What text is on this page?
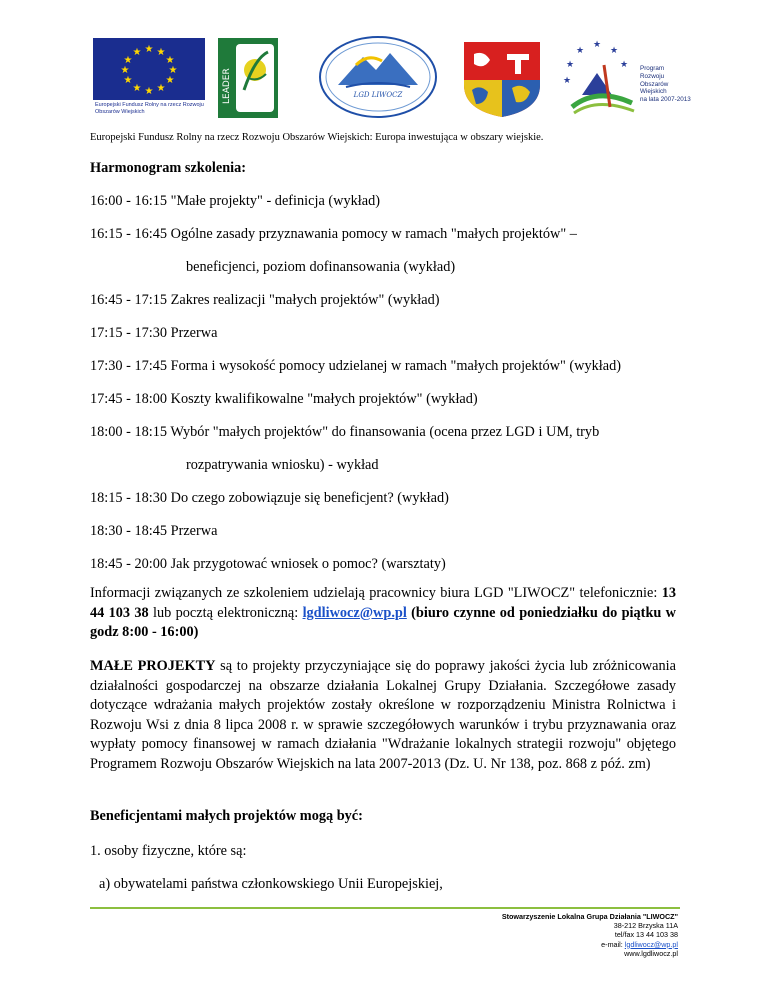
★ ★
★
★
★
★
★
★
★
★
★
★
Europejski Fundusz Rolny na rzecz Rozwoju Obszarów Wiejskich
LEADER	LGD LIWOCZ
★
★
★
★
★
★
Program
Rozwoju
Obszarów
Wiejskich
na lata 2007-2013
Europejski Fundusz Rolny na rzecz Rozwoju Obszarów Wiejskich: Europa inwestująca w obszary wiejskie.
Harmonogram szkolenia:
16:00 - 16:15 "Małe projekty" - definicja (wykład)
16:15 - 16:45 Ogólne zasady przyznawania pomocy w ramach "małych projektów" –
beneficjenci, poziom dofinansowania (wykład)
16:45 - 17:15 Zakres realizacji "małych projektów" (wykład)
17:15 - 17:30 Przerwa
17:30 - 17:45 Forma i wysokość pomocy udzielanej w ramach "małych projektów" (wykład)
17:45 - 18:00 Koszty kwalifikowalne "małych projektów" (wykład)
18:00 - 18:15 Wybór "małych projektów" do finansowania (ocena przez LGD i UM, tryb
rozpatrywania wniosku) - wykład
18:15 - 18:30 Do czego zobowiązuje się beneficjent? (wykład)
18:30 - 18:45 Przerwa
18:45 - 20:00 Jak przygotować wniosek o pomoc? (warsztaty)
Informacji związanych ze szkoleniem udzielają pracownicy biura LGD "LIWOCZ" telefonicznie: 13 44 103 38 lub pocztą elektroniczną: lgdliwocz@wp.pl (biuro czynne od poniedziałku do piątku w godz 8:00 - 16:00)
MAŁE PROJEKTY są to projekty przyczyniające się do poprawy jakości życia lub zróżnicowania działalności gospodarczej na obszarze działania Lokalnej Grupy Działania. Szczegółowe zasady dotyczące wdrażania małych projektów zostały określone w rozporządzeniu Ministra Rolnictwa i Rozwoju Wsi z dnia 8 lipca 2008 r. w sprawie szczegółowych warunków i trybu przyznawania oraz wypłaty pomocy finansowej w ramach działania "Wdrażanie lokalnych strategii rozwoju" objętego Programem Rozwoju Obszarów Wiejskich na lata 2007-2013 (Dz. U. Nr 138, poz. 868 z póź. zm)
Beneficjentami małych projektów mogą być:
1. osoby fizyczne, które są:
a) obywatelami państwa członkowskiego Unii Europejskiej,
Stowarzyszenie Lokalna Grupa Działania "LIWOCZ"
38-212 Brzyska 11A
tel/fax 13 44 103 38
e-mail: lgdliwocz@wp.pl
www.lgdliwocz.pl
